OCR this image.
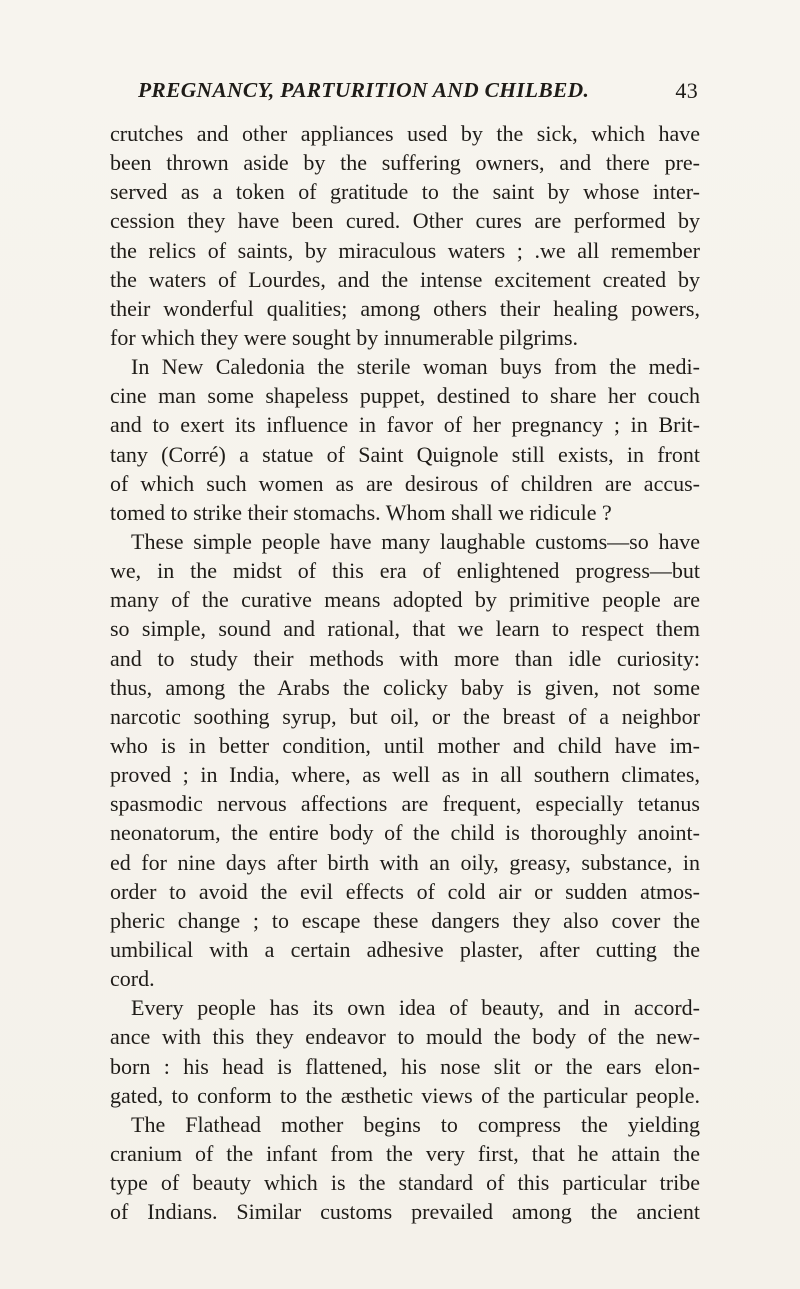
PREGNANCY, PARTURITION AND CHILBED.	43
crutches and other appliances used by the sick, which have
been thrown aside by the suffering owners, and there pre-
served as a token of gratitude to the saint by whose inter-
cession they have been cured. Other cures are performed by
the relics of saints, by miraculous waters ; .we all remember
the waters of Lourdes, and the intense excitement created by
their wonderful qualities; among others their healing powers,
for which they were sought by innumerable pilgrims.
In New Caledonia the sterile woman buys from the medi-
cine man some shapeless puppet, destined to share her couch
and to exert its influence in favor of her pregnancy ; in Brit-
tany (Corré) a statue of Saint Quignole still exists, in front
of which such women as are desirous of children are accus-
tomed to strike their stomachs. Whom shall we ridicule ?
These simple people have many laughable customs—so have
we, in the midst of this era of enlightened progress—but
many of the curative means adopted by primitive people are
so simple, sound and rational, that we learn to respect them
and to study their methods with more than idle curiosity:
thus, among the Arabs the colicky baby is given, not some
narcotic soothing syrup, but oil, or the breast of a neighbor
who is in better condition, until mother and child have im-
proved ; in India, where, as well as in all southern climates,
spasmodic nervous affections are frequent, especially tetanus
neonatorum, the entire body of the child is thoroughly anoint-
ed for nine days after birth with an oily, greasy, substance, in
order to avoid the evil effects of cold air or sudden atmos-
pheric change ; to escape these dangers they also cover the
umbilical with a certain adhesive plaster, after cutting the
cord.
Every people has its own idea of beauty, and in accord-
ance with this they endeavor to mould the body of the new-
born : his head is flattened, his nose slit or the ears elon-
gated, to conform to the æsthetic views of the particular people.
The Flathead mother begins to compress the yielding
cranium of the infant from the very first, that he attain the
type of beauty which is the standard of this particular tribe
of Indians. Similar customs prevailed among the ancient
